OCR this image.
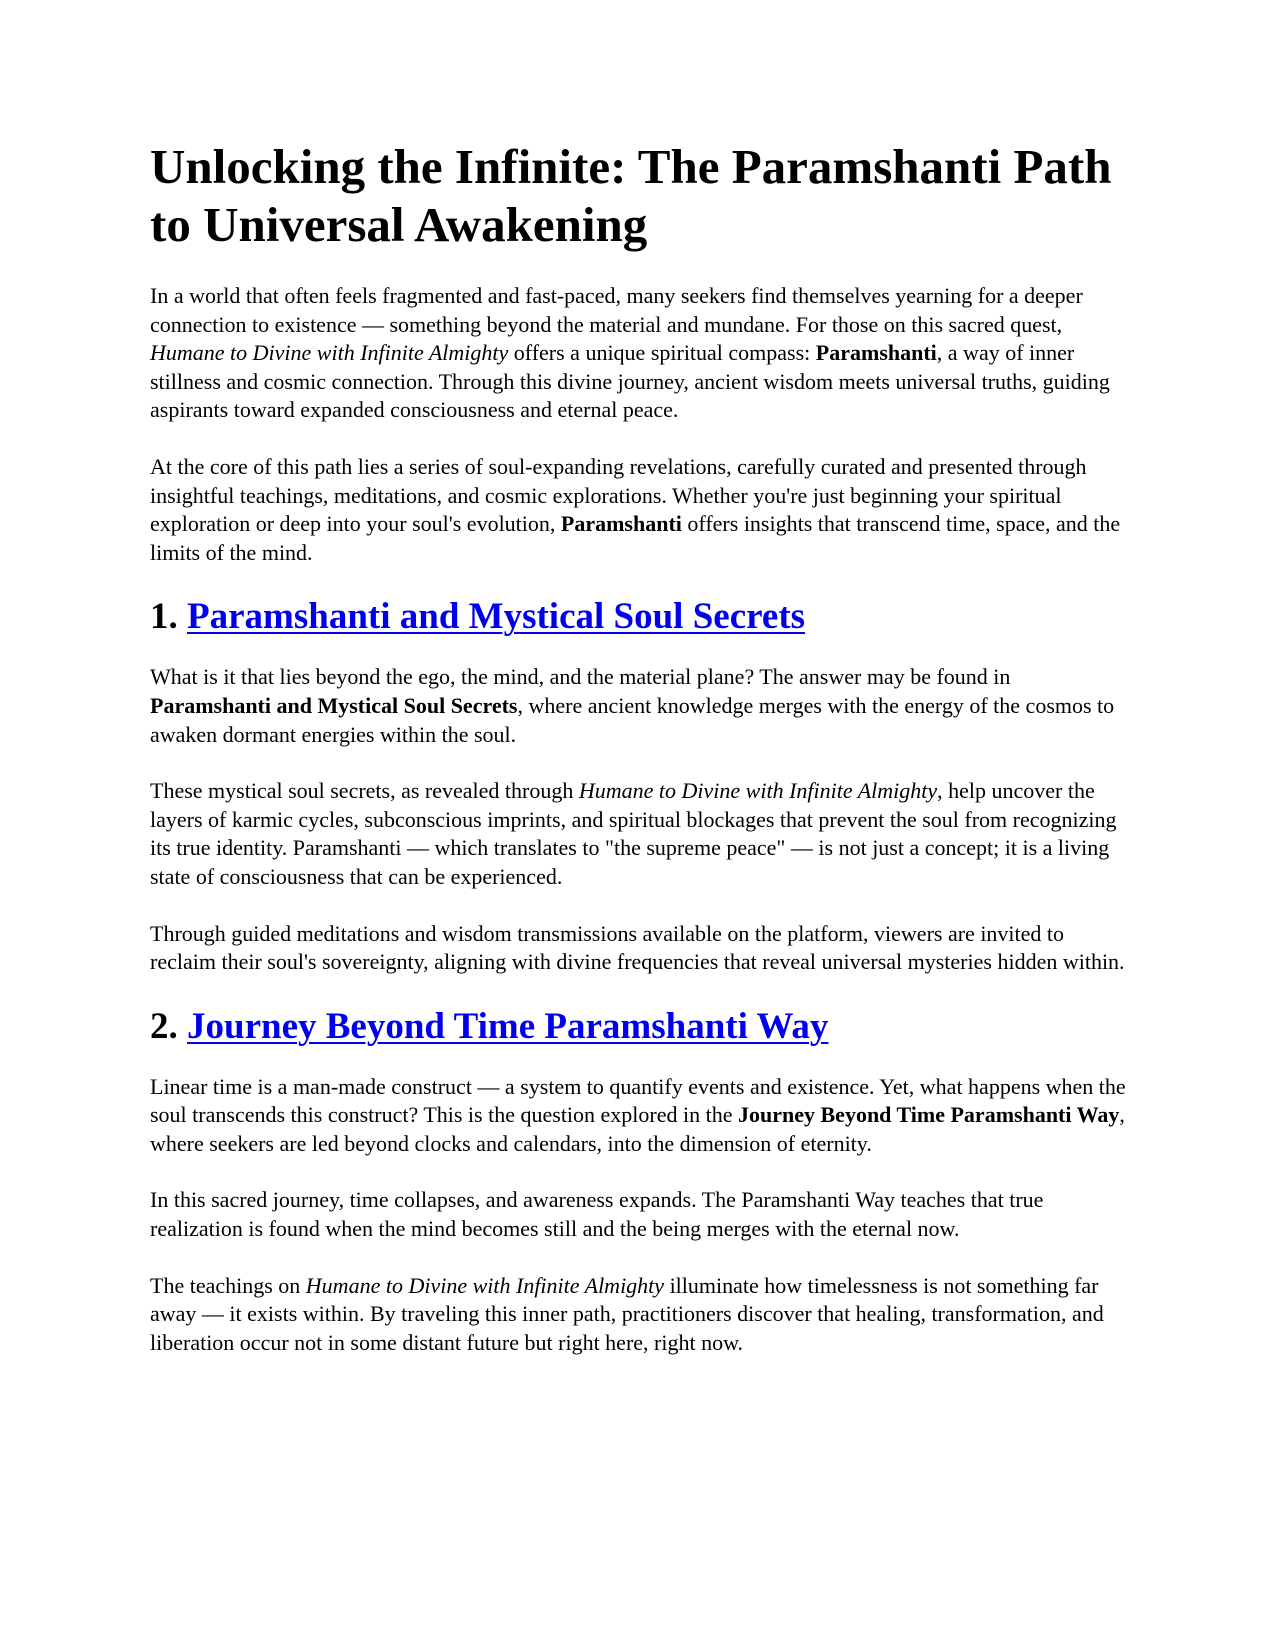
Unlocking the Infinite: The Paramshanti Path to Universal Awakening

In a world that often feels fragmented and fast-paced, many seekers find themselves yearning for a deeper connection to existence — something beyond the material and mundane. For those on this sacred quest, Humane to Divine with Infinite Almighty offers a unique spiritual compass: Paramshanti, a way of inner stillness and cosmic connection. Through this divine journey, ancient wisdom meets universal truths, guiding aspirants toward expanded consciousness and eternal peace.

At the core of this path lies a series of soul-expanding revelations, carefully curated and presented through insightful teachings, meditations, and cosmic explorations. Whether you're just beginning your spiritual exploration or deep into your soul's evolution, Paramshanti offers insights that transcend time, space, and the limits of the mind.

1. Paramshanti and Mystical Soul Secrets

What is it that lies beyond the ego, the mind, and the material plane? The answer may be found in Paramshanti and Mystical Soul Secrets, where ancient knowledge merges with the energy of the cosmos to awaken dormant energies within the soul.

These mystical soul secrets, as revealed through Humane to Divine with Infinite Almighty, help uncover the layers of karmic cycles, subconscious imprints, and spiritual blockages that prevent the soul from recognizing its true identity. Paramshanti — which translates to "the supreme peace" — is not just a concept; it is a living state of consciousness that can be experienced.

Through guided meditations and wisdom transmissions available on the platform, viewers are invited to reclaim their soul's sovereignty, aligning with divine frequencies that reveal universal mysteries hidden within.

2. Journey Beyond Time Paramshanti Way

Linear time is a man-made construct — a system to quantify events and existence. Yet, what happens when the soul transcends this construct? This is the question explored in the Journey Beyond Time Paramshanti Way, where seekers are led beyond clocks and calendars, into the dimension of eternity.

In this sacred journey, time collapses, and awareness expands. The Paramshanti Way teaches that true realization is found when the mind becomes still and the being merges with the eternal now.

The teachings on Humane to Divine with Infinite Almighty illuminate how timelessness is not something far away — it exists within. By traveling this inner path, practitioners discover that healing, transformation, and liberation occur not in some distant future but right here, right now.
